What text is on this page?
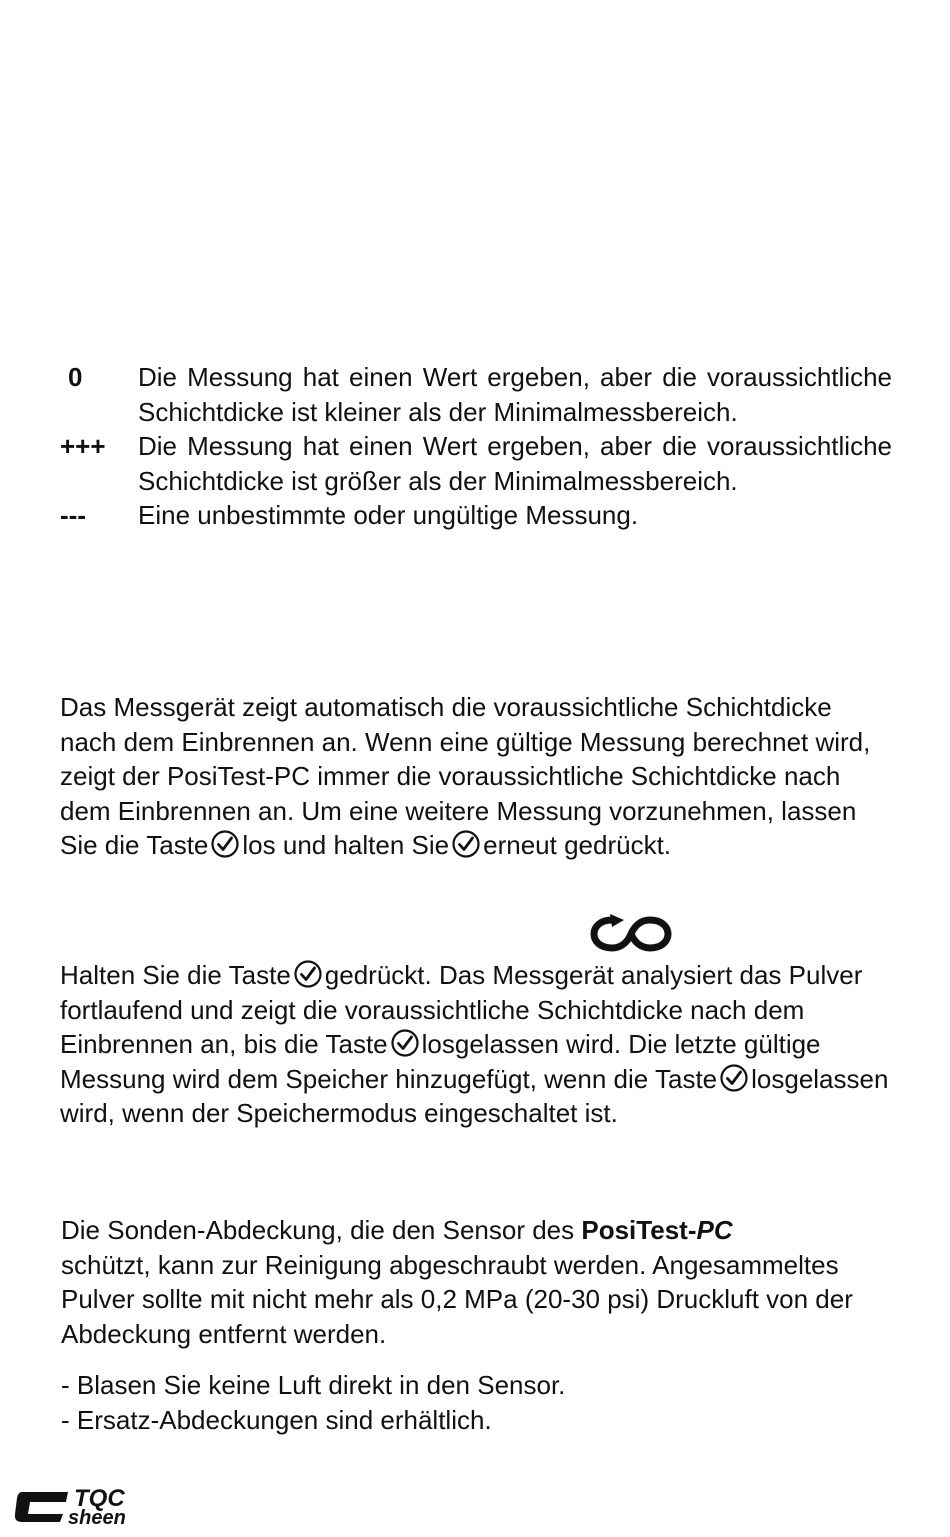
0	Die Messung hat einen Wert ergeben, aber die voraussichtliche Schichtdicke ist kleiner als der Minimalmessbereich.
+++	Die Messung hat einen Wert ergeben, aber die voraussichtliche Schichtdicke ist größer als der Minimalmessbereich.
---	Eine unbestimmte oder ungültige Messung.
Das Messgerät zeigt automatisch die voraussichtliche Schichtdicke nach dem Einbrennen an. Wenn eine gültige Messung berechnet wird, zeigt der PosiTest-PC immer die voraussichtliche Schichtdicke nach dem Einbrennen an. Um eine weitere Messung vorzunehmen, lassen Sie die Taste los und halten Sie erneut gedrückt.
Halten Sie die Taste gedrückt. Das Messgerät analysiert das Pulver fortlaufend und zeigt die voraussichtliche Schichtdicke nach dem Einbrennen an, bis die Taste losgelassen wird. Die letzte gültige Messung wird dem Speicher hinzugefügt, wenn die Taste losgelassen wird, wenn der Speichermodus eingeschaltet ist.
Die Sonden-Abdeckung, die den Sensor des PosiTest-PC
schützt, kann zur Reinigung abgeschraubt werden. Angesammeltes Pulver sollte mit nicht mehr als 0,2 MPa (20-30 psi) Druckluft von der Abdeckung entfernt werden.
- Blasen Sie keine Luft direkt in den Sensor.
- Ersatz-Abdeckungen sind erhältlich.
TQC
sheen
